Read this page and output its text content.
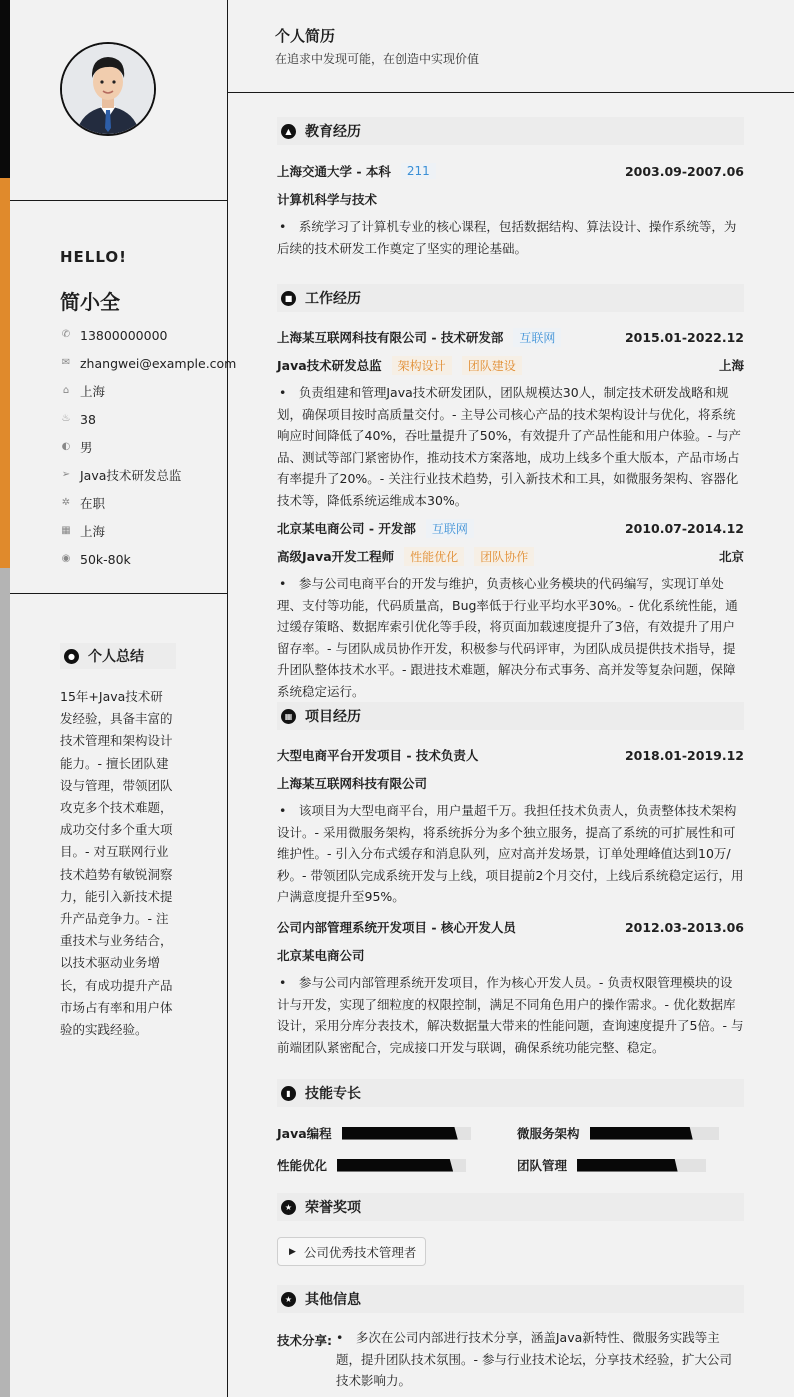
HELLO!
简小全
✆ 13800000000
✉ zhangwei@example.com
⌂ 上海
♨ 38
◐ 男
➢ Java技术研发总监
✲ 在职
▦ 上海
◉ 50k-80k
● 个人总结
15年+Java技术研发经验，具备丰富的技术管理和架构设计能力。- 擅长团队建设与管理，带领团队攻克多个技术难题，成功交付多个重大项目。- 对互联网行业技术趋势有敏锐洞察力，能引入新技术提升产品竞争力。- 注重技术与业务结合，以技术驱动业务增长，有成功提升产品市场占有率和用户体验的实践经验。
个人简历
在追求中发现可能，在创造中实现价值
▲ 教育经历
上海交通大学 - 本科	211	2003.09-2007.06
计算机科学与技术
•　系统学习了计算机专业的核心课程，包括数据结构、算法设计、操作系统等，为后续的技术研发工作奠定了坚实的理论基础。
■ 工作经历
上海某互联网科技有限公司 - 技术研发部	互联网	2015.01-2022.12
Java技术研发总监	架构设计	团队建设	上海
•　负责组建和管理Java技术研发团队，团队规模达30人，制定技术研发战略和规划，确保项目按时高质量交付。- 主导公司核心产品的技术架构设计与优化，将系统响应时间降低了40%，吞吐量提升了50%，有效提升了产品性能和用户体验。- 与产品、测试等部门紧密协作，推动技术方案落地，成功上线多个重大版本，产品市场占有率提升了20%。- 关注行业技术趋势，引入新技术和工具，如微服务架构、容器化技术等，降低系统运维成本30%。
北京某电商公司 - 开发部	互联网	2010.07-2014.12
高级Java开发工程师	性能优化	团队协作	北京
•　参与公司电商平台的开发与维护，负责核心业务模块的代码编写，实现订单处理、支付等功能，代码质量高，Bug率低于行业平均水平30%。- 优化系统性能，通过缓存策略、数据库索引优化等手段，将页面加载速度提升了3倍，有效提升了用户留存率。- 与团队成员协作开发，积极参与代码评审，为团队成员提供技术指导，提升团队整体技术水平。- 跟进技术难题，解决分布式事务、高并发等复杂问题，保障系统稳定运行。
▦ 项目经历
大型电商平台开发项目 - 技术负责人	2018.01-2019.12
上海某互联网科技有限公司
•　该项目为大型电商平台，用户量超千万。我担任技术负责人，负责整体技术架构设计。- 采用微服务架构，将系统拆分为多个独立服务，提高了系统的可扩展性和可维护性。- 引入分布式缓存和消息队列，应对高并发场景，订单处理峰值达到10万/秒。- 带领团队完成系统开发与上线，项目提前2个月交付，上线后系统稳定运行，用户满意度提升至95%。
公司内部管理系统开发项目 - 核心开发人员	2012.03-2013.06
北京某电商公司
•　参与公司内部管理系统开发项目，作为核心开发人员。- 负责权限管理模块的设计与开发，实现了细粒度的权限控制，满足不同角色用户的操作需求。- 优化数据库设计，采用分库分表技术，解决数据量大带来的性能问题，查询速度提升了5倍。- 与前端团队紧密配合，完成接口开发与联调，确保系统功能完整、稳定。
▮	技能专长
Java编程	微服务架构
性能优化	团队管理
★ 荣誉奖项
▶ 公司优秀技术管理者
★ 其他信息
技术分享: •　多次在公司内部进行技术分享，涵盖Java新特性、微服务实践等主题，提升团队技术氛围。- 参与行业技术论坛，分享技术经验，扩大公司技术影响力。
